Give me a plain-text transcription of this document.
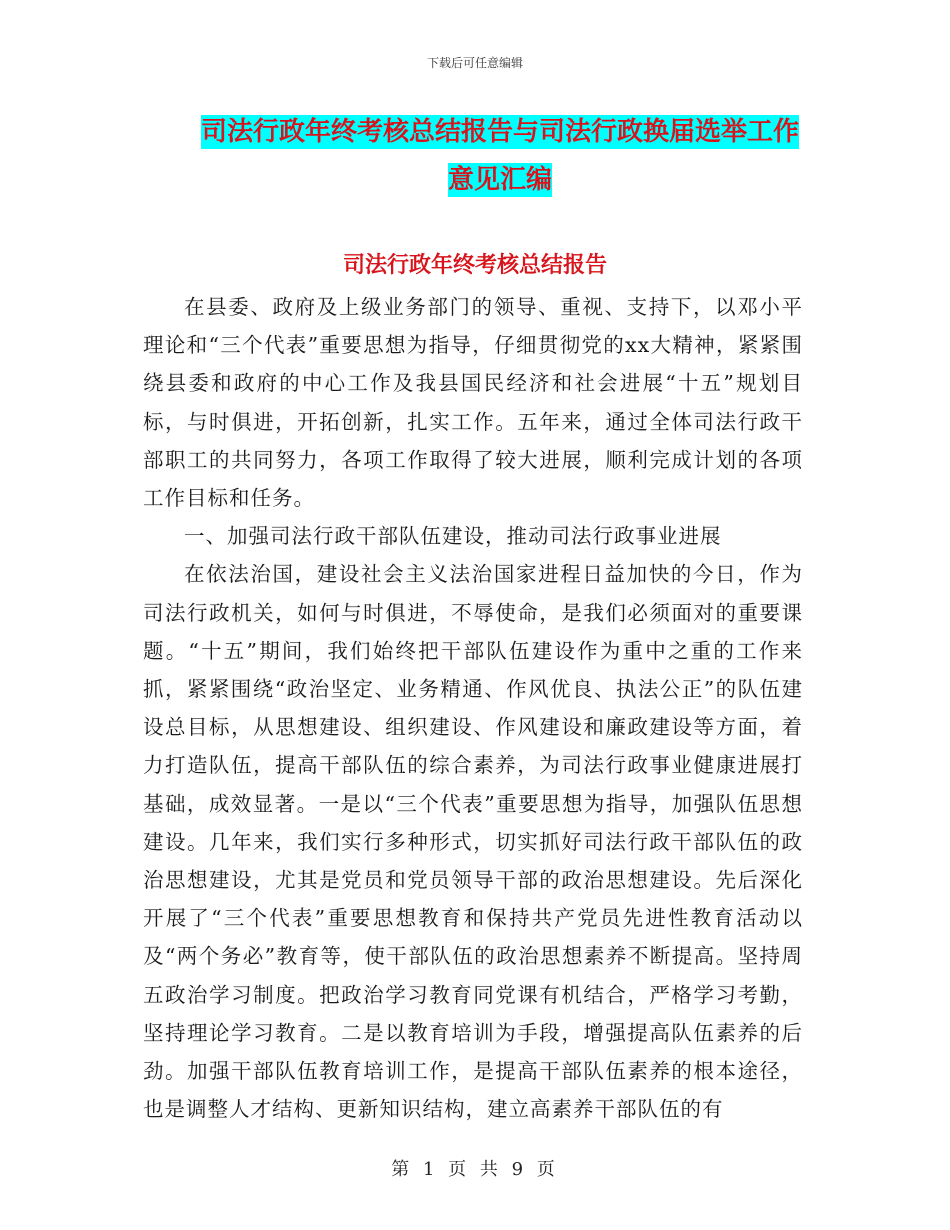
下载后可任意编辑
司法行政年终考核总结报告与司法行政换届选举工作
意见汇编
司法行政年终考核总结报告

在县委、政府及上级业务部门的领导、重视、支持下，以邓小平理论和“三个代表”重要思想为指导，仔细贯彻党的xx大精神，紧紧围绕县委和政府的中心工作及我县国民经济和社会进展“十五”规划目标，与时俱进，开拓创新，扎实工作。五年来，通过全体司法行政干部职工的共同努力，各项工作取得了较大进展，顺利完成计划的各项工作目标和任务。

一、加强司法行政干部队伍建设，推动司法行政事业进展

在依法治国，建设社会主义法治国家进程日益加快的今日，作为司法行政机关，如何与时俱进，不辱使命，是我们必须面对的重要课题。“十五”期间，我们始终把干部队伍建设作为重中之重的工作来抓，紧紧围绕“政治坚定、业务精通、作风优良、执法公正”的队伍建设总目标，从思想建设、组织建设、作风建设和廉政建设等方面，着力打造队伍，提高干部队伍的综合素养，为司法行政事业健康进展打基础，成效显著。一是以“三个代表”重要思想为指导，加强队伍思想建设。几年来，我们实行多种形式，切实抓好司法行政干部队伍的政治思想建设，尤其是党员和党员领导干部的政治思想建设。先后深化开展了“三个代表”重要思想教育和保持共产党员先进性教育活动以及“两个务必”教育等，使干部队伍的政治思想素养不断提高。坚持周五政治学习制度。把政治学习教育同党课有机结合，严格学习考勤，坚持理论学习教育。二是以教育培训为手段，增强提高队伍素养的后劲。加强干部队伍教育培训工作，是提高干部队伍素养的根本途径，也是调整人才结构、更新知识结构，建立高素养干部队伍的有

第 1 页 共 9 页
